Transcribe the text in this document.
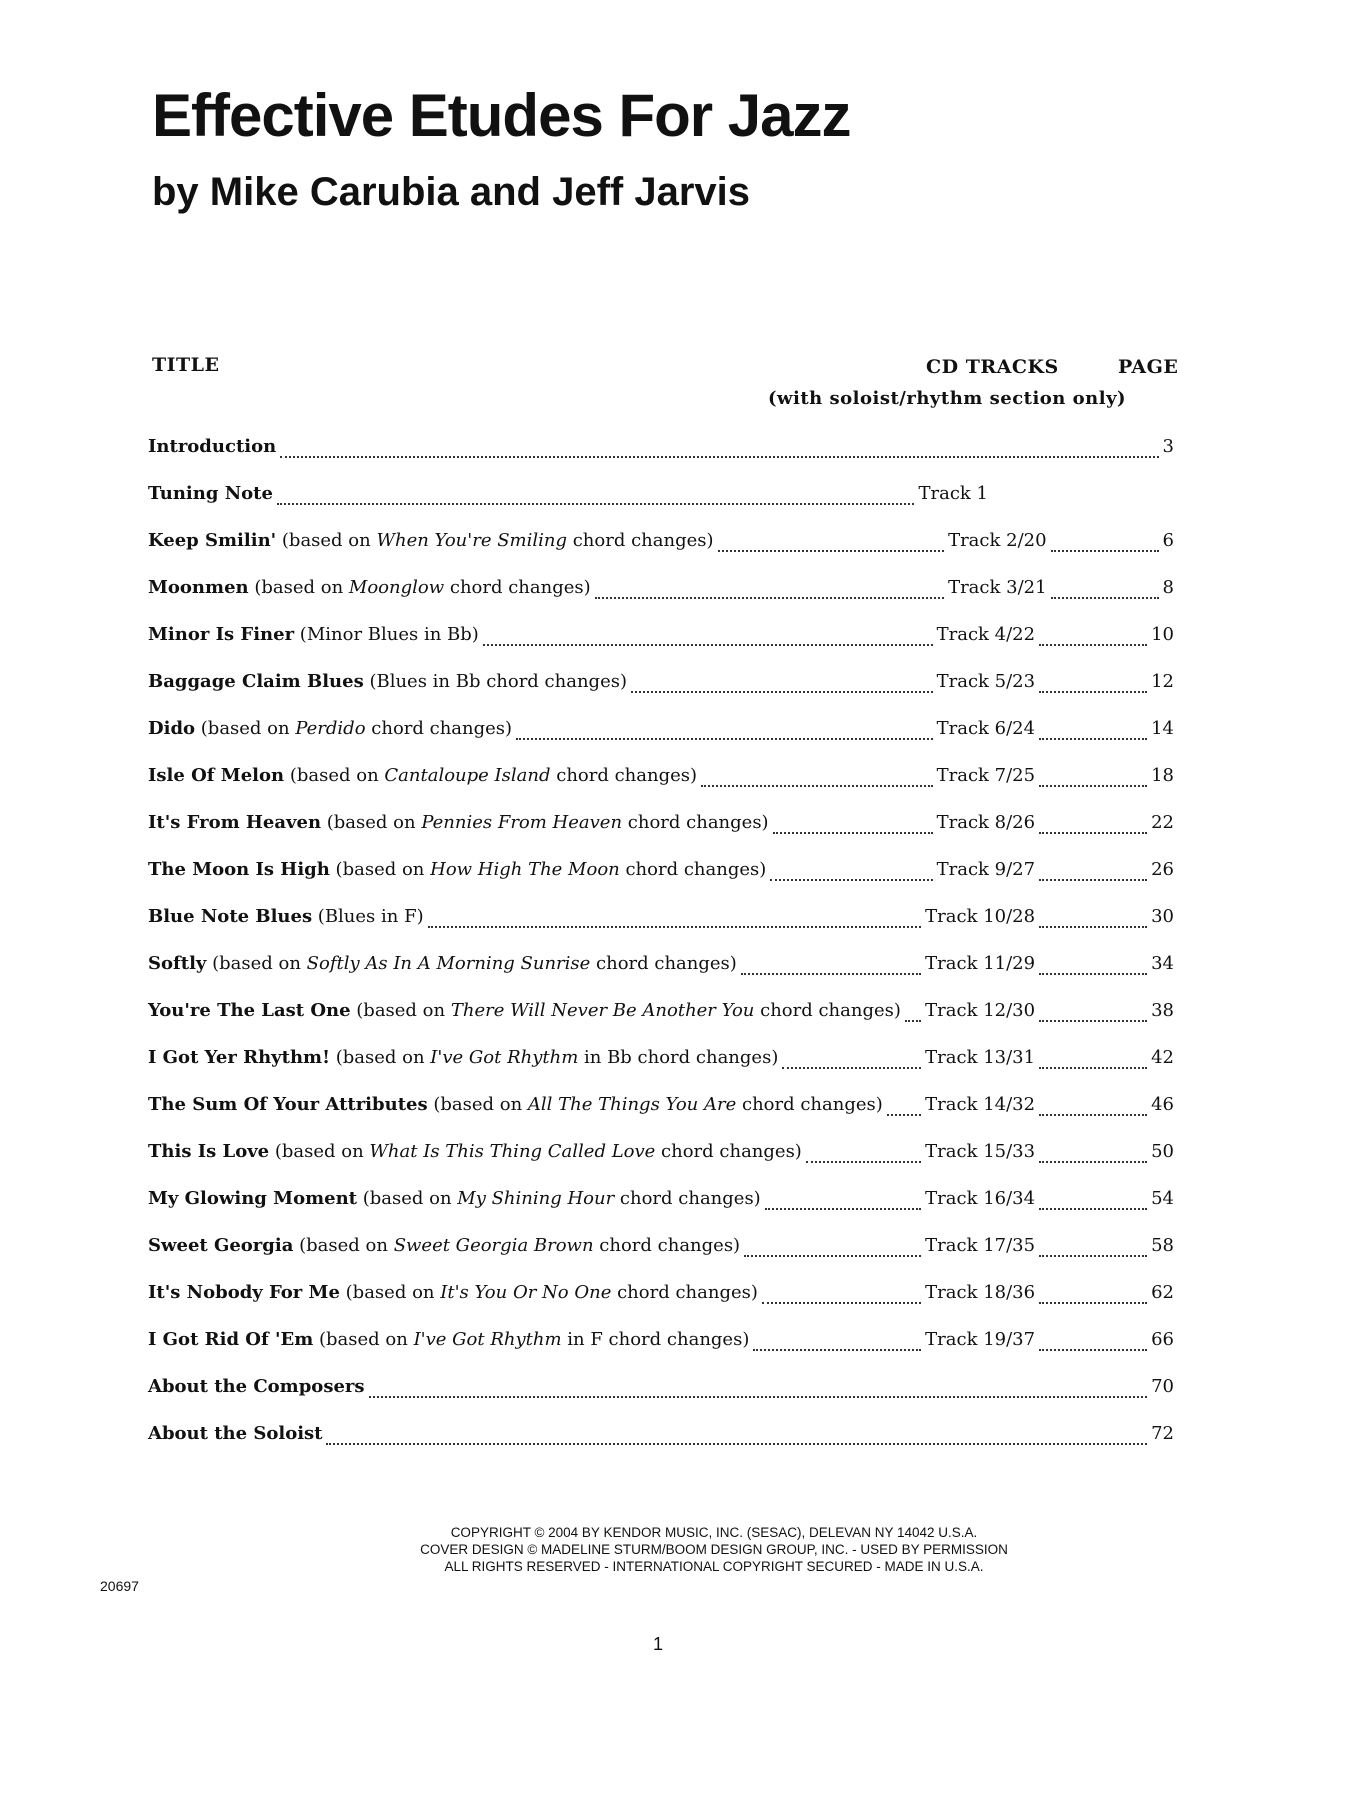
Effective Etudes For Jazz
by Mike Carubia and Jeff Jarvis
TITLE	CD TRACKS	PAGE
(with soloist/rhythm section only)
Introduction	3
Tuning Note	Track 1
Keep Smilin' (based on When You're Smiling chord changes)	Track 2/20	6
Moonmen (based on Moonglow chord changes)	Track 3/21	8
Minor Is Finer (Minor Blues in Bb)	Track 4/22	10
Baggage Claim Blues (Blues in Bb chord changes)	Track 5/23	12
Dido (based on Perdido chord changes)	Track 6/24	14
Isle Of Melon (based on Cantaloupe Island chord changes)	Track 7/25	18
It's From Heaven (based on Pennies From Heaven chord changes)	Track 8/26	22
The Moon Is High (based on How High The Moon chord changes)	Track 9/27	26
Blue Note Blues (Blues in F)	Track 10/28	30
Softly (based on Softly As In A Morning Sunrise chord changes)	Track 11/29	34
You're The Last One (based on There Will Never Be Another You chord changes) Track 12/30	38
I Got Yer Rhythm! (based on I've Got Rhythm in Bb chord changes)	Track 13/31	42
The Sum Of Your Attributes (based on All The Things You Are chord changes) Track 14/32	46
This Is Love (based on What Is This Thing Called Love chord changes)	Track 15/33	50
My Glowing Moment (based on My Shining Hour chord changes)	Track 16/34	54
Sweet Georgia (based on Sweet Georgia Brown chord changes)	Track 17/35	58
It's Nobody For Me (based on It's You Or No One chord changes)	Track 18/36	62
I Got Rid Of 'Em (based on I've Got Rhythm in F chord changes)	Track 19/37	66
About the Composers	70
About the Soloist	72
COPYRIGHT © 2004 BY KENDOR MUSIC, INC. (SESAC), DELEVAN NY 14042 U.S.A.
COVER DESIGN © MADELINE STURM/BOOM DESIGN GROUP, INC. - USED BY PERMISSION
ALL RIGHTS RESERVED - INTERNATIONAL COPYRIGHT SECURED - MADE IN U.S.A.
20697
1
